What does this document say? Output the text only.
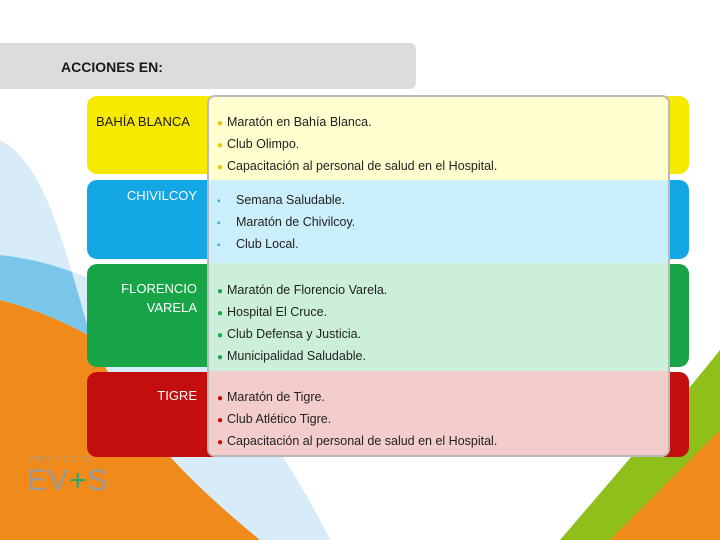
ACCIONES EN:
BAHÍA BLANCA
CHIVILCOY
FLORENCIO
VARELA
TIGRE
● Maratón en Bahía Blanca.
● Club Olimpo.
● Capacitación al personal de salud en el Hospital.
▪ Semana Saludable.
▪ Maratón de Chivilcoy.
▪ Club Local.
● Maratón de Florencio Varela.
● Hospital El Cruce.
● Club Defensa y Justicia.
● Municipalidad Saludable.
● Maratón de Tigre.
● Club Atlético Tigre.
● Capacitación al personal de salud en el Hospital.
PROYECTO
EV+S
